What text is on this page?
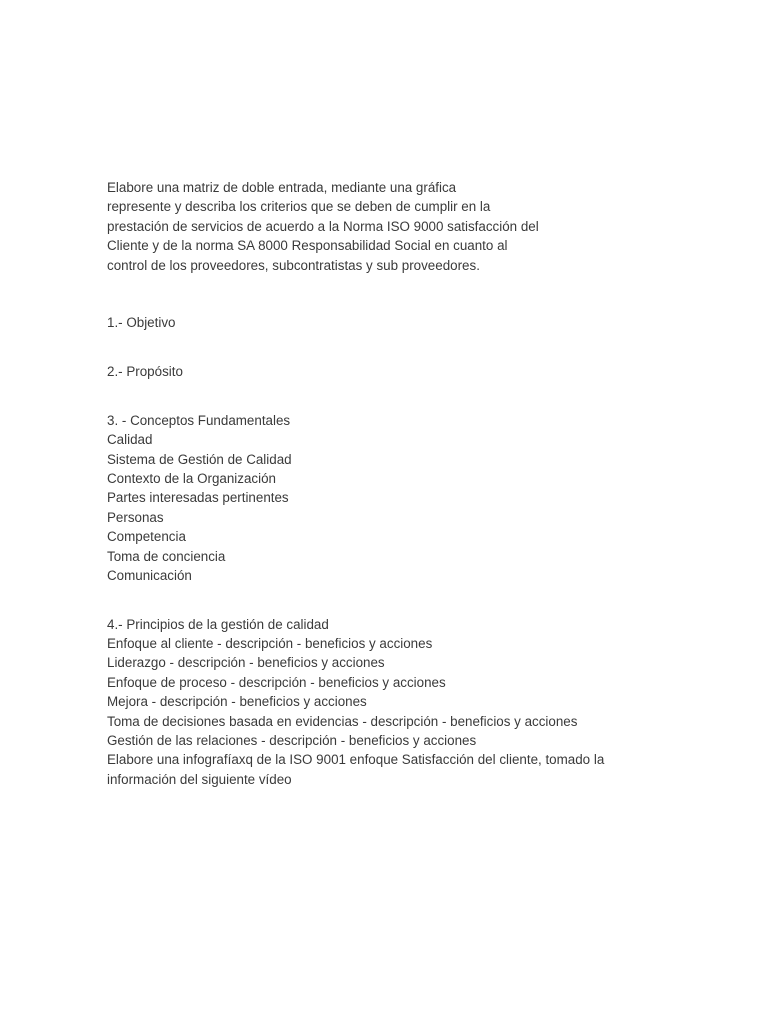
Elabore una matriz de doble entrada, mediante una gráfica
represente y describa los criterios que se deben de cumplir en la
prestación de servicios de acuerdo a la Norma ISO 9000 satisfacción del
Cliente y de la norma SA 8000 Responsabilidad Social en cuanto al
control de los proveedores, subcontratistas y sub proveedores.
1.- Objetivo
2.- Propósito
3. - Conceptos Fundamentales
Calidad
Sistema de Gestión de Calidad
Contexto de la Organización
Partes interesadas pertinentes
Personas
Competencia
Toma de conciencia
Comunicación
4.- Principios de la gestión de calidad
Enfoque al cliente - descripción - beneficios y acciones
Liderazgo - descripción - beneficios y acciones
Enfoque de proceso - descripción - beneficios y acciones
Mejora - descripción - beneficios y acciones
Toma de decisiones basada en evidencias - descripción - beneficios y acciones
Gestión de las relaciones - descripción - beneficios y acciones
Elabore una infografíaxq de la ISO 9001 enfoque Satisfacción del cliente, tomado la
información del siguiente vídeo
